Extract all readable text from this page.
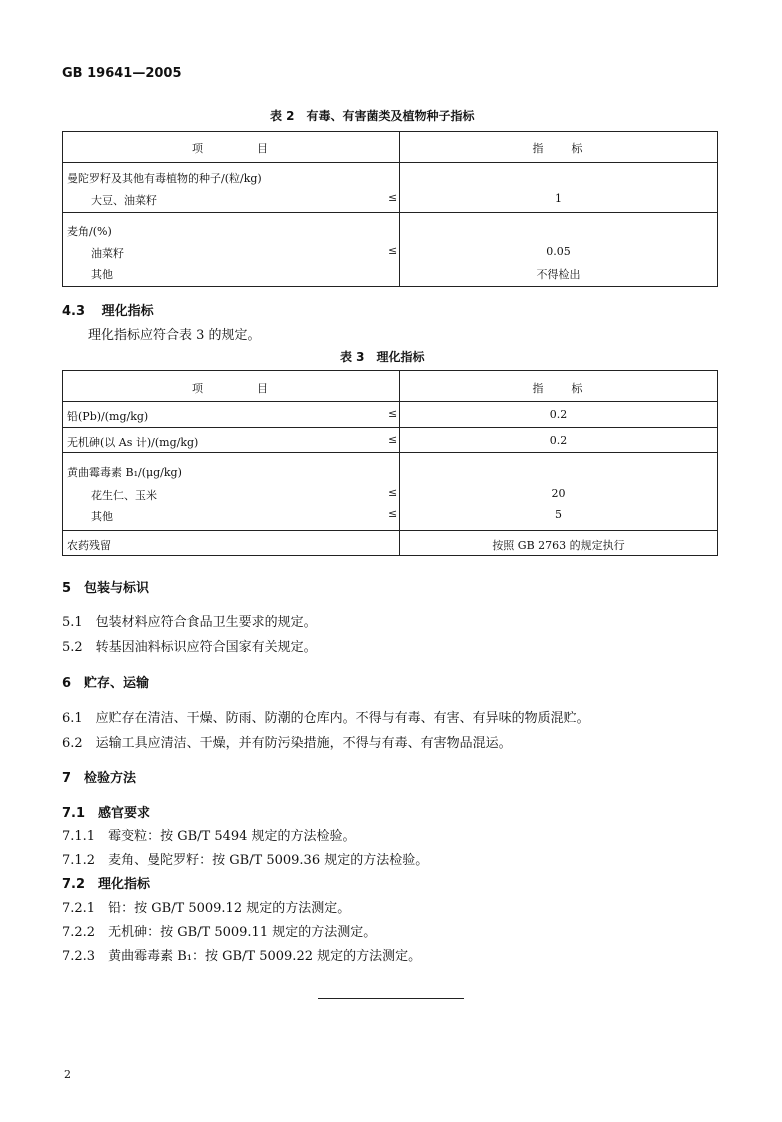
GB 19641—2005
表 2　有毒、有害菌类及植物种子指标
项　　　　目	指　　标
曼陀罗籽及其他有毒植物的种子/(粒/kg)
大豆、油菜籽	≤	1
麦角/(%)
油菜籽	≤	0.05
其他	不得检出
4.3 理化指标
理化指标应符合表 3 的规定。
表 3　理化指标
项　　　　目	指　　标
铅(Pb)/(mg/kg)	≤	0.2
无机砷(以 As 计)/(mg/kg)	≤	0.2
黄曲霉毒素 B₁/(μg/kg)
花生仁、玉米	≤	20
其他	≤	5
农药残留	按照 GB 2763 的规定执行
5　包装与标识
5.1　包装材料应符合食品卫生要求的规定。
5.2　转基因油料标识应符合国家有关规定。
6　贮存、运输
6.1　应贮存在清洁、干燥、防雨、防潮的仓库内。不得与有毒、有害、有异味的物质混贮。
6.2　运输工具应清洁、干燥，并有防污染措施，不得与有毒、有害物品混运。
7　检验方法
7.1　感官要求
7.1.1　霉变粒：按 GB/T 5494 规定的方法检验。
7.1.2　麦角、曼陀罗籽：按 GB/T 5009.36 规定的方法检验。
7.2　理化指标
7.2.1　铅：按 GB/T 5009.12 规定的方法测定。
7.2.2　无机砷：按 GB/T 5009.11 规定的方法测定。
7.2.3　黄曲霉毒素 B₁：按 GB/T 5009.22 规定的方法测定。
2
